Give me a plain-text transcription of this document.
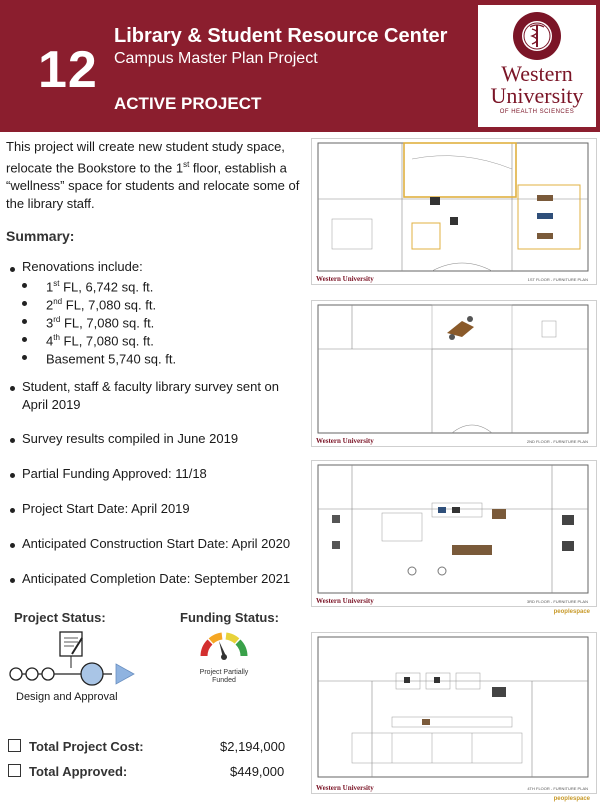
12
Library & Student Resource Center
Campus Master Plan Project
ACTIVE PROJECT
Western
University
OF HEALTH SCIENCES
This project will create new student study space, relocate the Bookstore to the 1st floor, establish a “wellness” space for students and relocate some of the library staff.
Summary:
Renovations include:
1st FL, 6,742 sq. ft.
2nd FL, 7,080 sq. ft.
3rd FL, 7,080 sq. ft.
4th FL, 7,080 sq. ft.
Basement 5,740 sq. ft.
Student, staff & faculty library survey sent on April 2019
Survey results compiled in June 2019
Partial Funding Approved: 11/18
Project Start Date: April 2019
Anticipated Construction Start Date: April 2020
Anticipated Completion Date: September 2021
Project Status:	Funding Status:
Project Partially
Funded
Design and Approval
Total Project Cost:	$2,194,000
Total Approved:	$449,000
Western University	1ST FLOOR - FURNITURE PLAN
Western University	2ND FLOOR - FURNITURE PLAN
Western University	3RD FLOOR - FURNITURE PLAN
peoplespace
Western University	4TH FLOOR - FURNITURE PLAN
peoplespace
